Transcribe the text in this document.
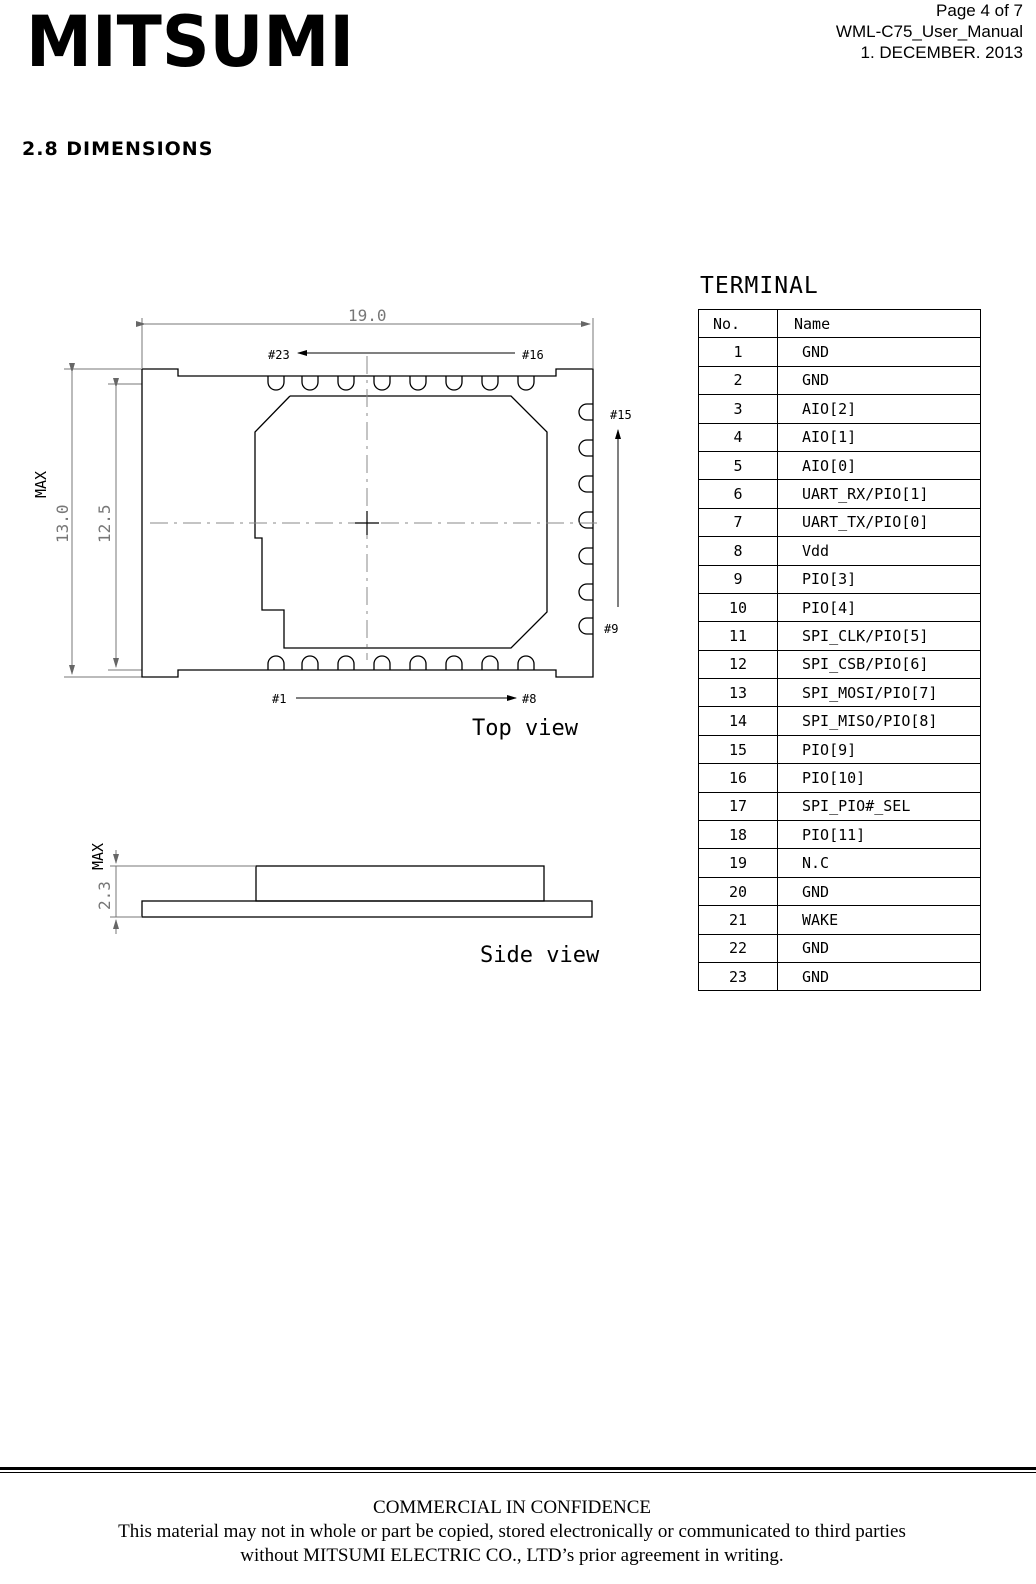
MITSUMI	Page 4 of 7
WML-C75_User_Manual
1. DECEMBER. 2013
2.8 DIMENSIONS
19.0
13.0
MAX
12.5
#23	#16
#15
#9
#1	#8
Top view
2.3
MAX
Side view
TERMINAL
No.	Name
1	GND
2	GND
3	AIO[2]
4	AIO[1]
5	AIO[0]
6	UART_RX/PIO[1]
7	UART_TX/PIO[0]
8	Vdd
9	PIO[3]
10	PIO[4]
11	SPI_CLK/PIO[5]
12	SPI_CSB/PIO[6]
13	SPI_MOSI/PIO[7]
14	SPI_MISO/PIO[8]
15	PIO[9]
16	PIO[10]
17	SPI_PIO#_SEL
18	PIO[11]
19	N.C
20	GND
21	WAKE
22	GND
23	GND
COMMERCIAL IN CONFIDENCE
This material may not in whole or part be copied, stored electronically or communicated to third parties
without MITSUMI ELECTRIC CO., LTD’s prior agreement in writing.
